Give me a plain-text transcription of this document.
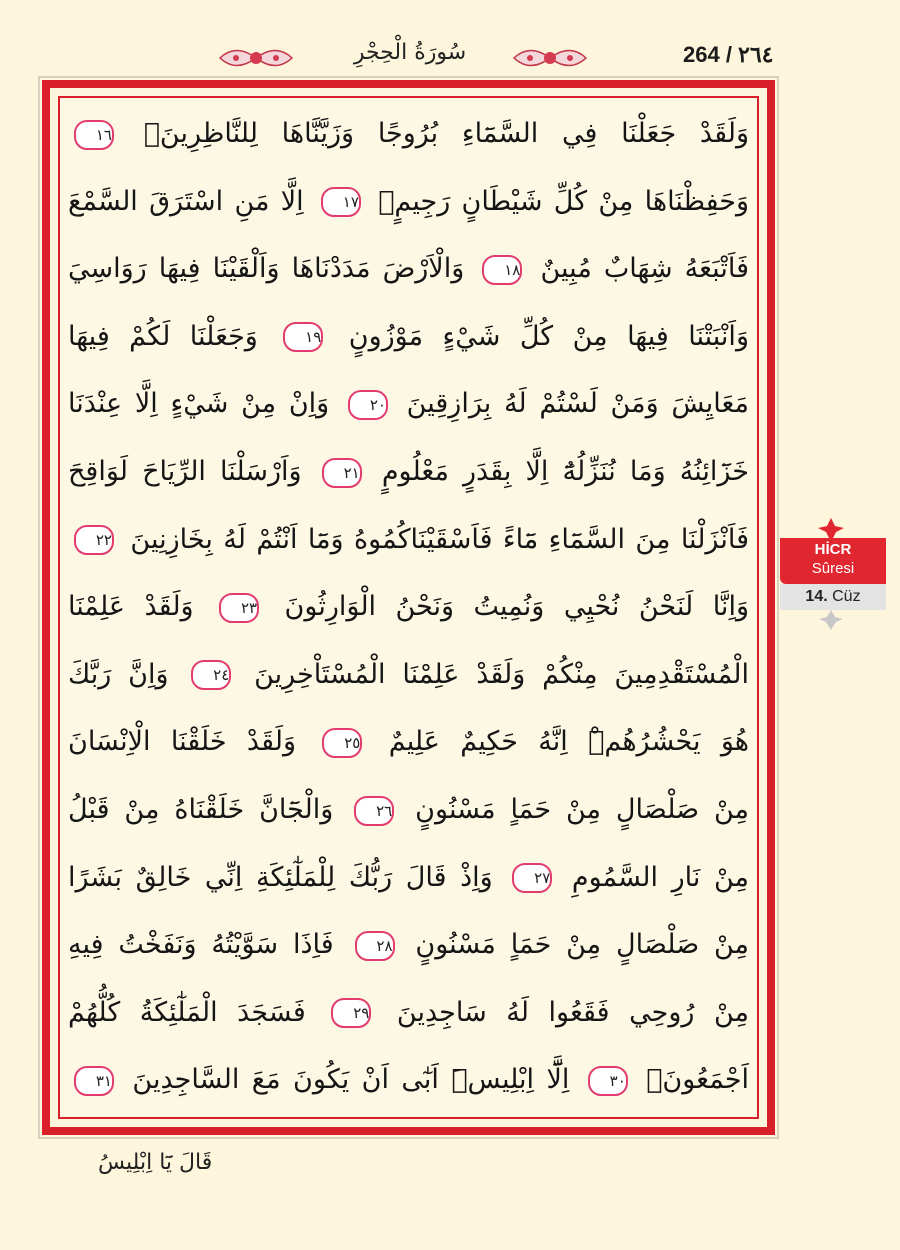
سُورَةُ الْحِجْرِ	264 / ٢٦٤
وَلَقَدْ جَعَلْنَا فِي السَّمَٓاءِ بُرُوجًا وَزَيَّنَّاهَا لِلنَّاظِرِينَۙ ١٦
وَحَفِظْنَاهَا مِنْ كُلِّ شَيْطَانٍ رَجِيمٍۙ ١٧ اِلَّا مَنِ اسْتَرَقَ السَّمْعَ
فَاَتْبَعَهُ شِهَابٌ مُبِينٌ ١٨ وَالْاَرْضَ مَدَدْنَاهَا وَاَلْقَيْنَا فِيهَا رَوَاسِيَ
وَاَنْبَتْنَا فِيهَا مِنْ كُلِّ شَيْءٍ مَوْزُونٍ ١٩ وَجَعَلْنَا لَكُمْ فِيهَا
مَعَايِشَ وَمَنْ لَسْتُمْ لَهُ بِرَازِقِينَ ٢٠ وَاِنْ مِنْ شَيْءٍ اِلَّا عِنْدَنَا
خَزَٓائِنُهُ وَمَا نُنَزِّلُهُٓ اِلَّا بِقَدَرٍ مَعْلُومٍ ٢١ وَاَرْسَلْنَا الرِّيَاحَ لَوَاقِحَ
فَاَنْزَلْنَا مِنَ السَّمَٓاءِ مَٓاءً فَاَسْقَيْنَاكُمُوهُ وَمَٓا اَنْتُمْ لَهُ بِخَازِنِينَ ٢٢
وَاِنَّا لَنَحْنُ نُحْيِي وَنُمِيتُ وَنَحْنُ الْوَارِثُونَ ٢٣ وَلَقَدْ عَلِمْنَا
الْمُسْتَقْدِمِينَ مِنْكُمْ وَلَقَدْ عَلِمْنَا الْمُسْتَاْخِرِينَ ٢٤ وَاِنَّ رَبَّكَ
هُوَ يَحْشُرُهُمْۜ اِنَّهُ حَكِيمٌ عَلِيمٌ ٢٥ وَلَقَدْ خَلَقْنَا الْاِنْسَانَ
مِنْ صَلْصَالٍ مِنْ حَمَاٍ مَسْنُونٍ ٢٦ وَالْجَٓانَّ خَلَقْنَاهُ مِنْ قَبْلُ
مِنْ نَارِ السَّمُومِ ٢٧ وَاِذْ قَالَ رَبُّكَ لِلْمَلٰٓئِكَةِ اِنِّي خَالِقٌ بَشَرًا
مِنْ صَلْصَالٍ مِنْ حَمَاٍ مَسْنُونٍ ٢٨ فَاِذَا سَوَّيْتُهُ وَنَفَخْتُ فِيهِ
مِنْ رُوحِي فَقَعُوا لَهُ سَاجِدِينَ ٢٩ فَسَجَدَ الْمَلٰٓئِكَةُ كُلُّهُمْ
اَجْمَعُونَۙ ٣٠ اِلَّٓا اِبْلِيسَۜ اَبٰٓى اَنْ يَكُونَ مَعَ السَّاجِدِينَ ٣١
قَالَ يَٓا اِبْلِيسُ
HİCR
Sûresi
14. Cüz
